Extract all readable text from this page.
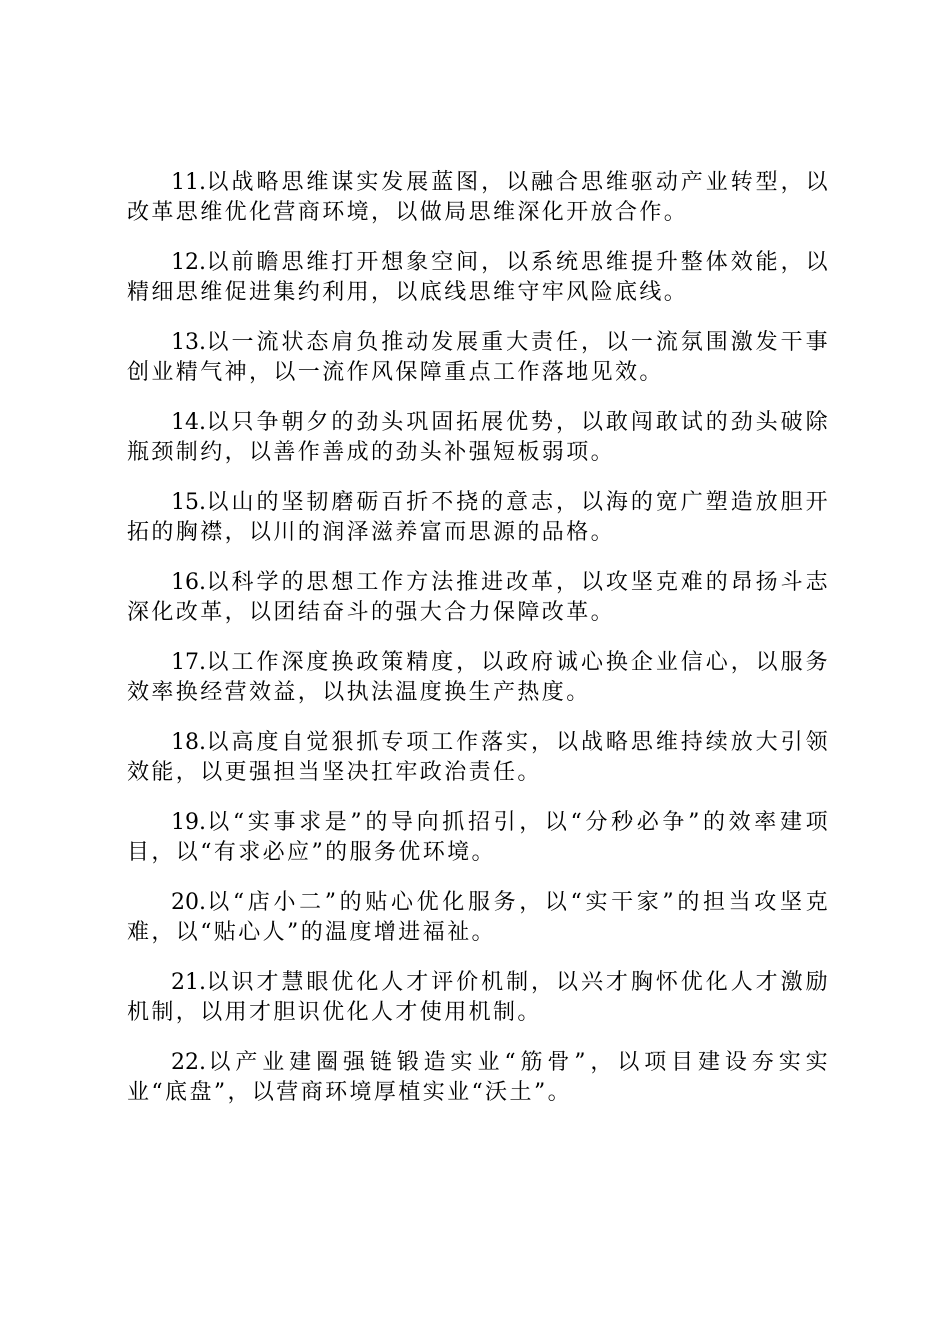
11.以战略思维谋实发展蓝图，以融合思维驱动产业转型，以改革思维优化营商环境，以做局思维深化开放合作。

12.以前瞻思维打开想象空间，以系统思维提升整体效能，以精细思维促进集约利用，以底线思维守牢风险底线。

13.以一流状态肩负推动发展重大责任，以一流氛围激发干事创业精气神，以一流作风保障重点工作落地见效。

14.以只争朝夕的劲头巩固拓展优势，以敢闯敢试的劲头破除瓶颈制约，以善作善成的劲头补强短板弱项。

15.以山的坚韧磨砺百折不挠的意志，以海的宽广塑造放胆开拓的胸襟，以川的润泽滋养富而思源的品格。

16.以科学的思想工作方法推进改革，以攻坚克难的昂扬斗志深化改革，以团结奋斗的强大合力保障改革。

17.以工作深度换政策精度，以政府诚心换企业信心，以服务效率换经营效益，以执法温度换生产热度。

18.以高度自觉狠抓专项工作落实，以战略思维持续放大引领效能，以更强担当坚决扛牢政治责任。

19.以“实事求是”的导向抓招引，以“分秒必争”的效率建项目，以“有求必应”的服务优环境。

20.以“店小二”的贴心优化服务，以“实干家”的担当攻坚克难，以“贴心人”的温度增进福祉。

21.以识才慧眼优化人才评价机制，以兴才胸怀优化人才激励机制，以用才胆识优化人才使用机制。

22.以产业建圈强链锻造实业“筋骨”，以项目建设夯实实业“底盘”，以营商环境厚植实业“沃土”。
